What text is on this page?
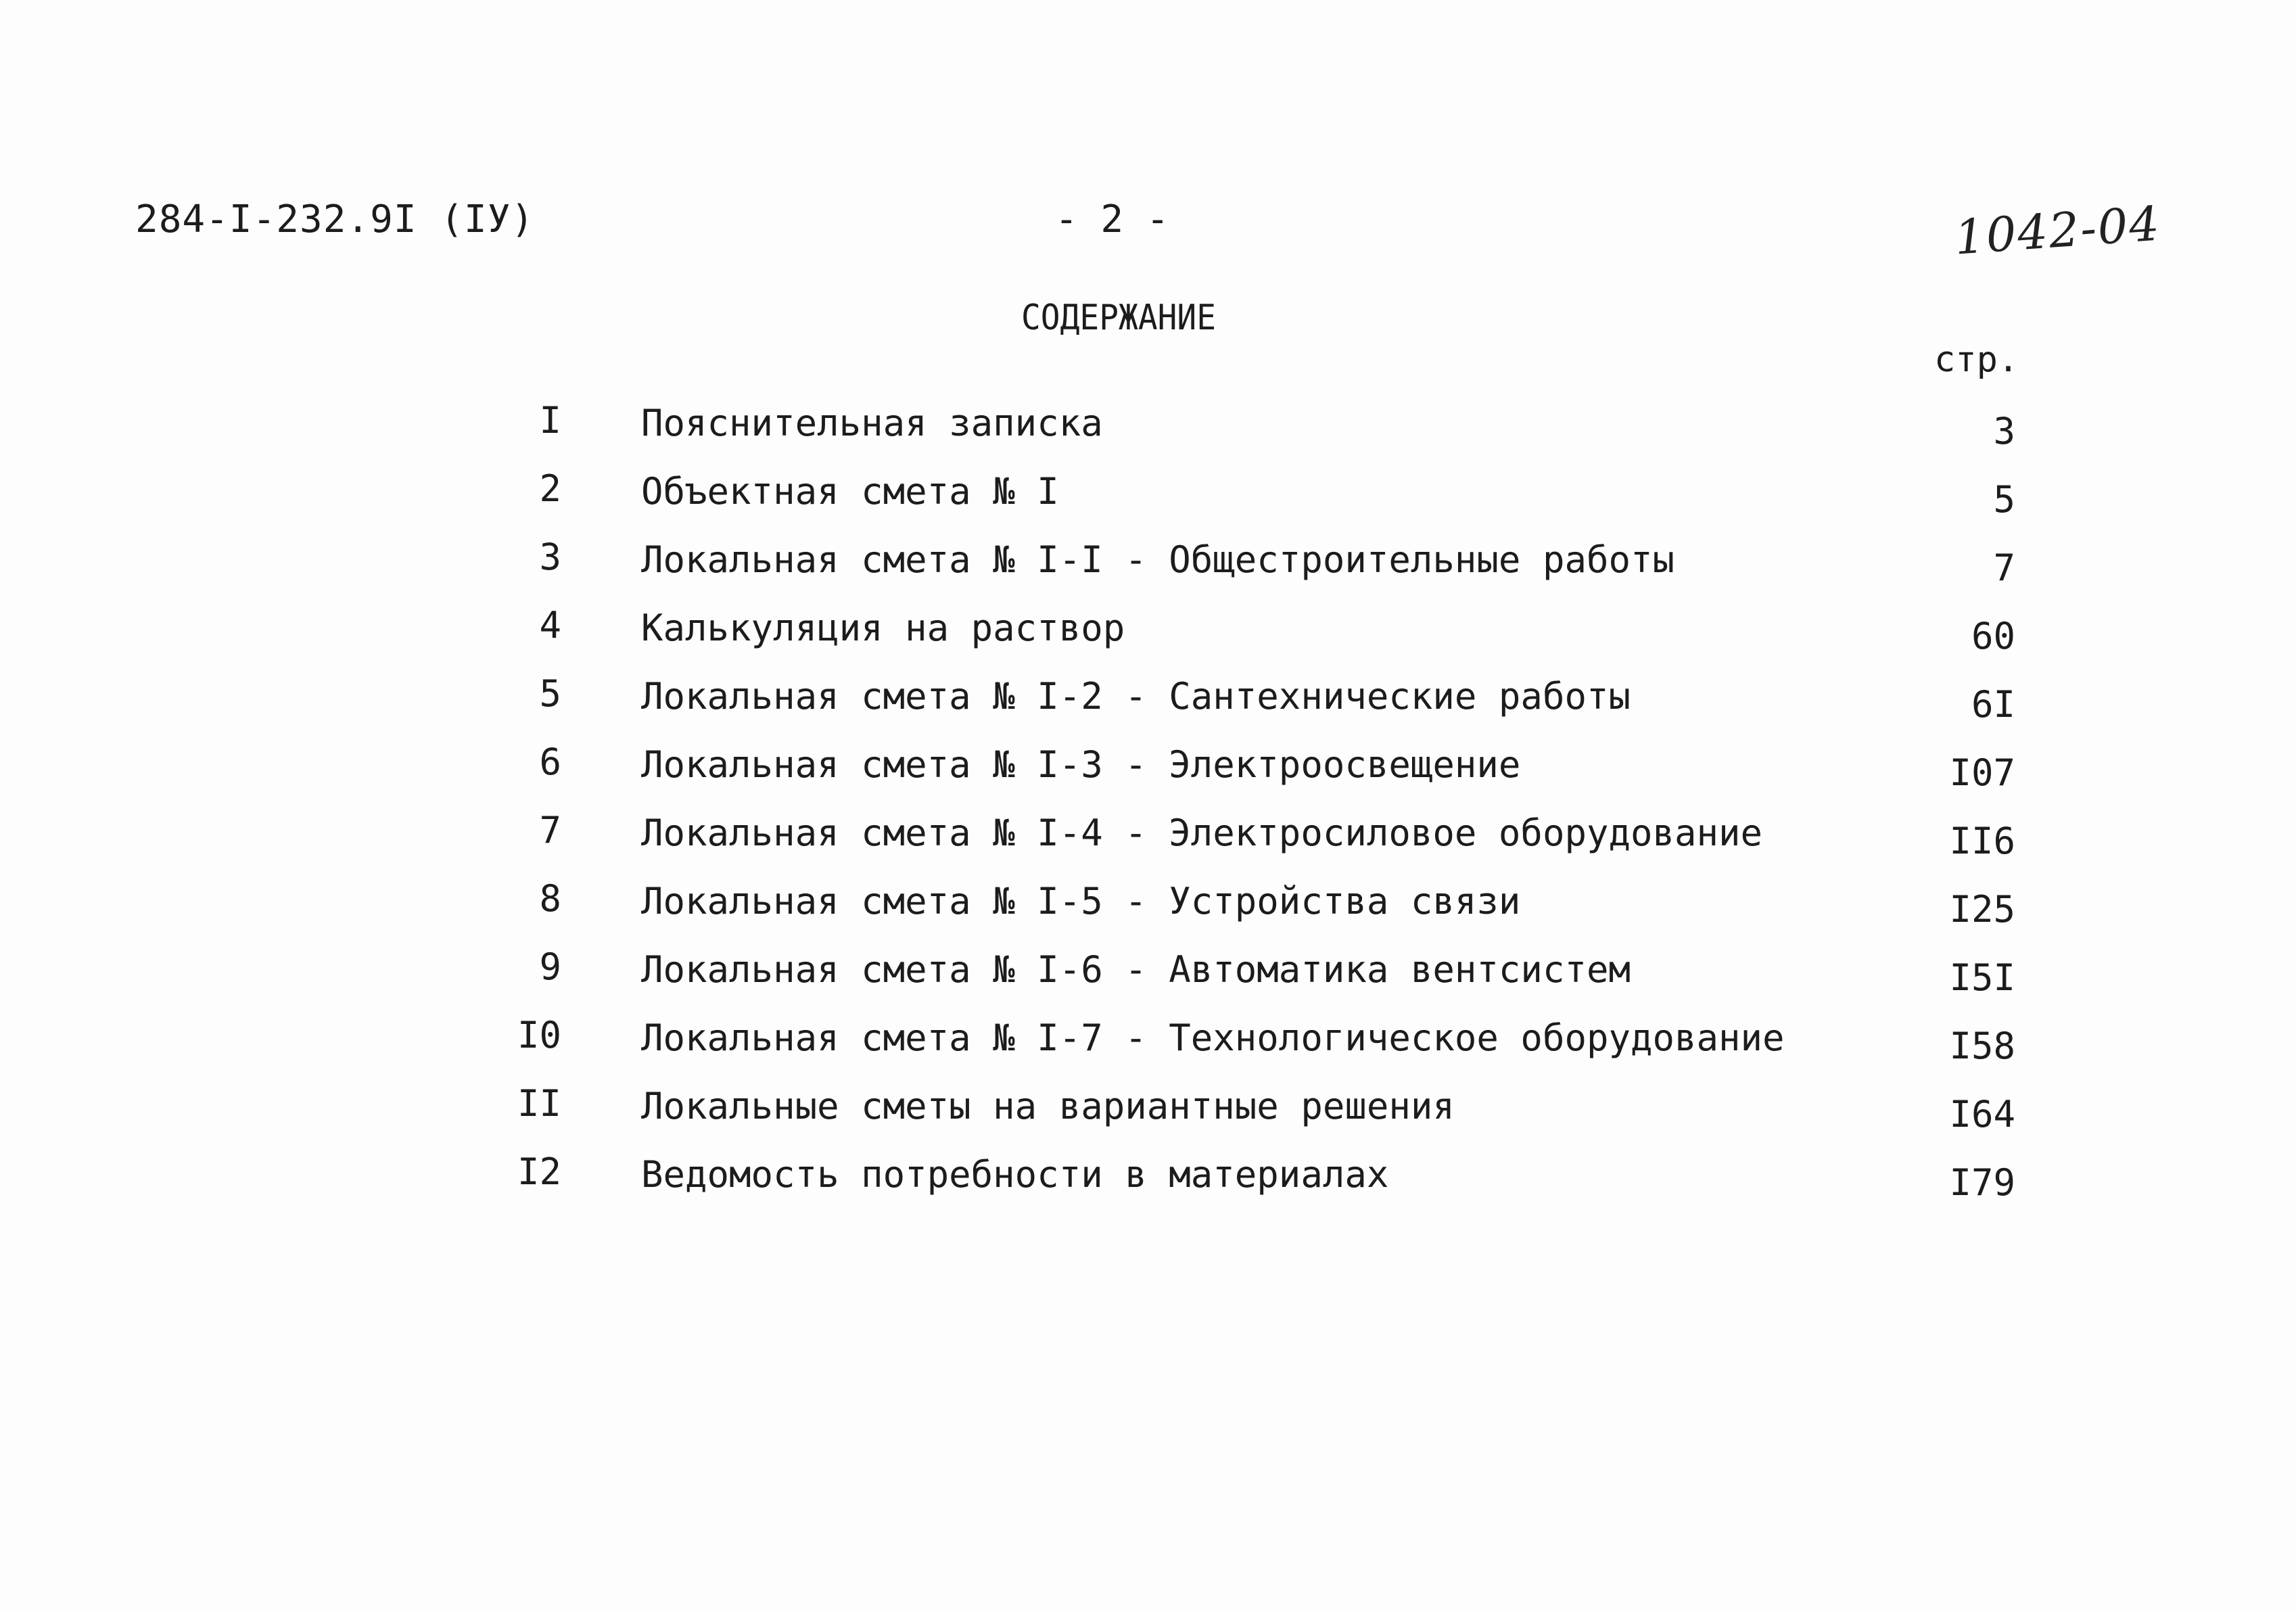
284-I-232.9I (IУ)	- 2 -	1042-04
СОДЕРЖАНИЕ
стр.
I Пояснительная записка	3
2 Объектная смета № I	5
3 Локальная смета № I-I - Общестроительные работы	7
4 Калькуляция на раствор	60
5 Локальная смета № I-2 - Сантехнические работы	6I
6 Локальная смета № I-3 - Электроосвещение	I07
7 Локальная смета № I-4 - Электросиловое оборудование	II6
8 Локальная смета № I-5 - Устройства связи	I25
9 Локальная смета № I-6 - Автоматика вентсистем	I5I
I0 Локальная смета № I-7 - Технологическое оборудование	I58
II Локальные сметы на вариантные решения	I64
I2 Ведомость потребности в материалах	I79
